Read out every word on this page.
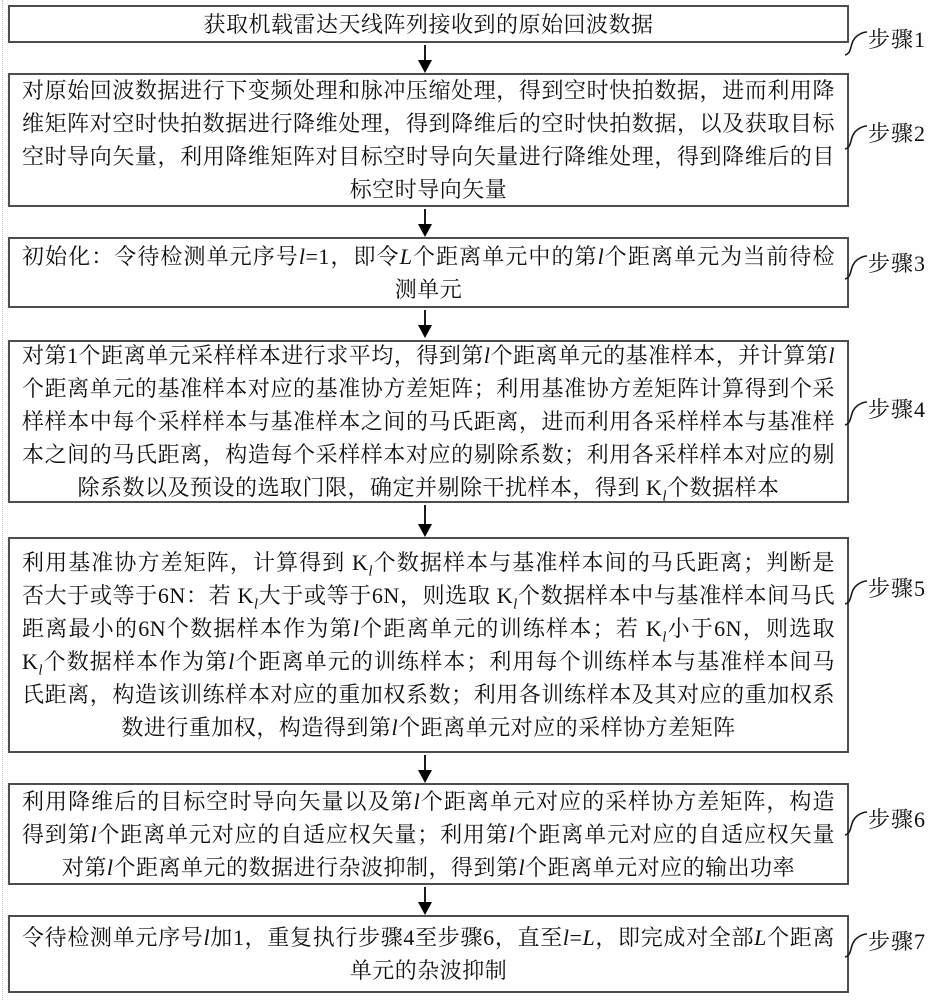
获取机载雷达天线阵列接收到的原始回波数据
对原始回波数据进行下变频处理和脉冲压缩处理，得到空时快拍数据，进而利用降维矩阵对空时快拍数据进行降维处理，得到降维后的空时快拍数据，以及获取目标空时导向矢量，利用降维矩阵对目标空时导向矢量进行降维处理，得到降维后的目标空时导向矢量
初始化：令待检测单元序号l=1，即令L个距离单元中的第l个距离单元为当前待检测单元
对第1个距离单元采样样本进行求平均，得到第l个距离单元的基准样本，并计算第l个距离单元的基准样本对应的基准协方差矩阵；利用基准协方差矩阵计算得到个采样样本中每个采样样本与基准样本之间的马氏距离，进而利用各采样样本与基准样本之间的马氏距离，构造每个采样样本对应的剔除系数；利用各采样样本对应的剔除系数以及预设的选取门限，确定并剔除干扰样本，得到 $K_l$个数据样本
利用基准协方差矩阵，计算得到 $K_l$个数据样本与基准样本间的马氏距离；判断是否大于或等于6N：若 $K_l$大于或等于6N，则选取 $K_l$个数据样本中与基准样本间马氏距离最小的6N个数据样本作为第l个距离单元的训练样本；若 $K_l$小于6N，则选取 $K_l$个数据样本作为第l个距离单元的训练样本；利用每个训练样本与基准样本间马氏距离，构造该训练样本对应的重加权系数；利用各训练样本及其对应的重加权系数进行重加权，构造得到第l个距离单元对应的采样协方差矩阵
利用降维后的目标空时导向矢量以及第l个距离单元对应的采样协方差矩阵，构造得到第l个距离单元对应的自适应权矢量；利用第l个距离单元对应的自适应权矢量对第l个距离单元的数据进行杂波抑制，得到第l个距离单元对应的输出功率
令待检测单元序号l加1，重复执行步骤4至步骤6，直至l=L，即完成对全部L个距离单元的杂波抑制
步骤1
步骤2
步骤3
步骤4
步骤5
步骤6
步骤7
